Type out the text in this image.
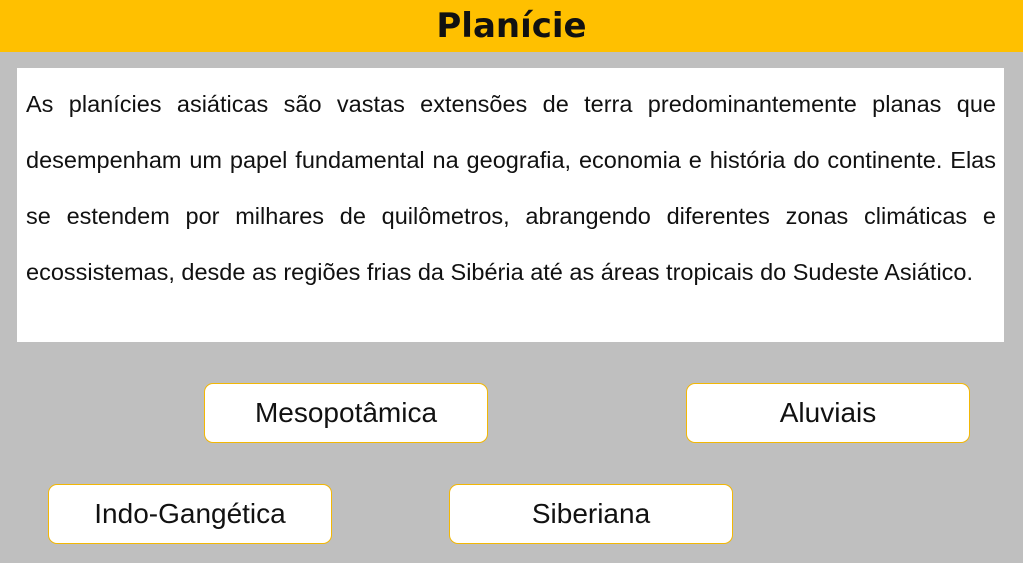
Planície

As planícies asiáticas são vastas extensões de terra predominantemente planas que desempenham um papel fundamental na geografia, economia e história do continente. Elas se estendem por milhares de quilômetros, abrangendo diferentes zonas climáticas e ecossistemas, desde as regiões frias da Sibéria até as áreas tropicais do Sudeste Asiático.

Mesopotâmica	Aluviais
Indo-Gangética	Siberiana
